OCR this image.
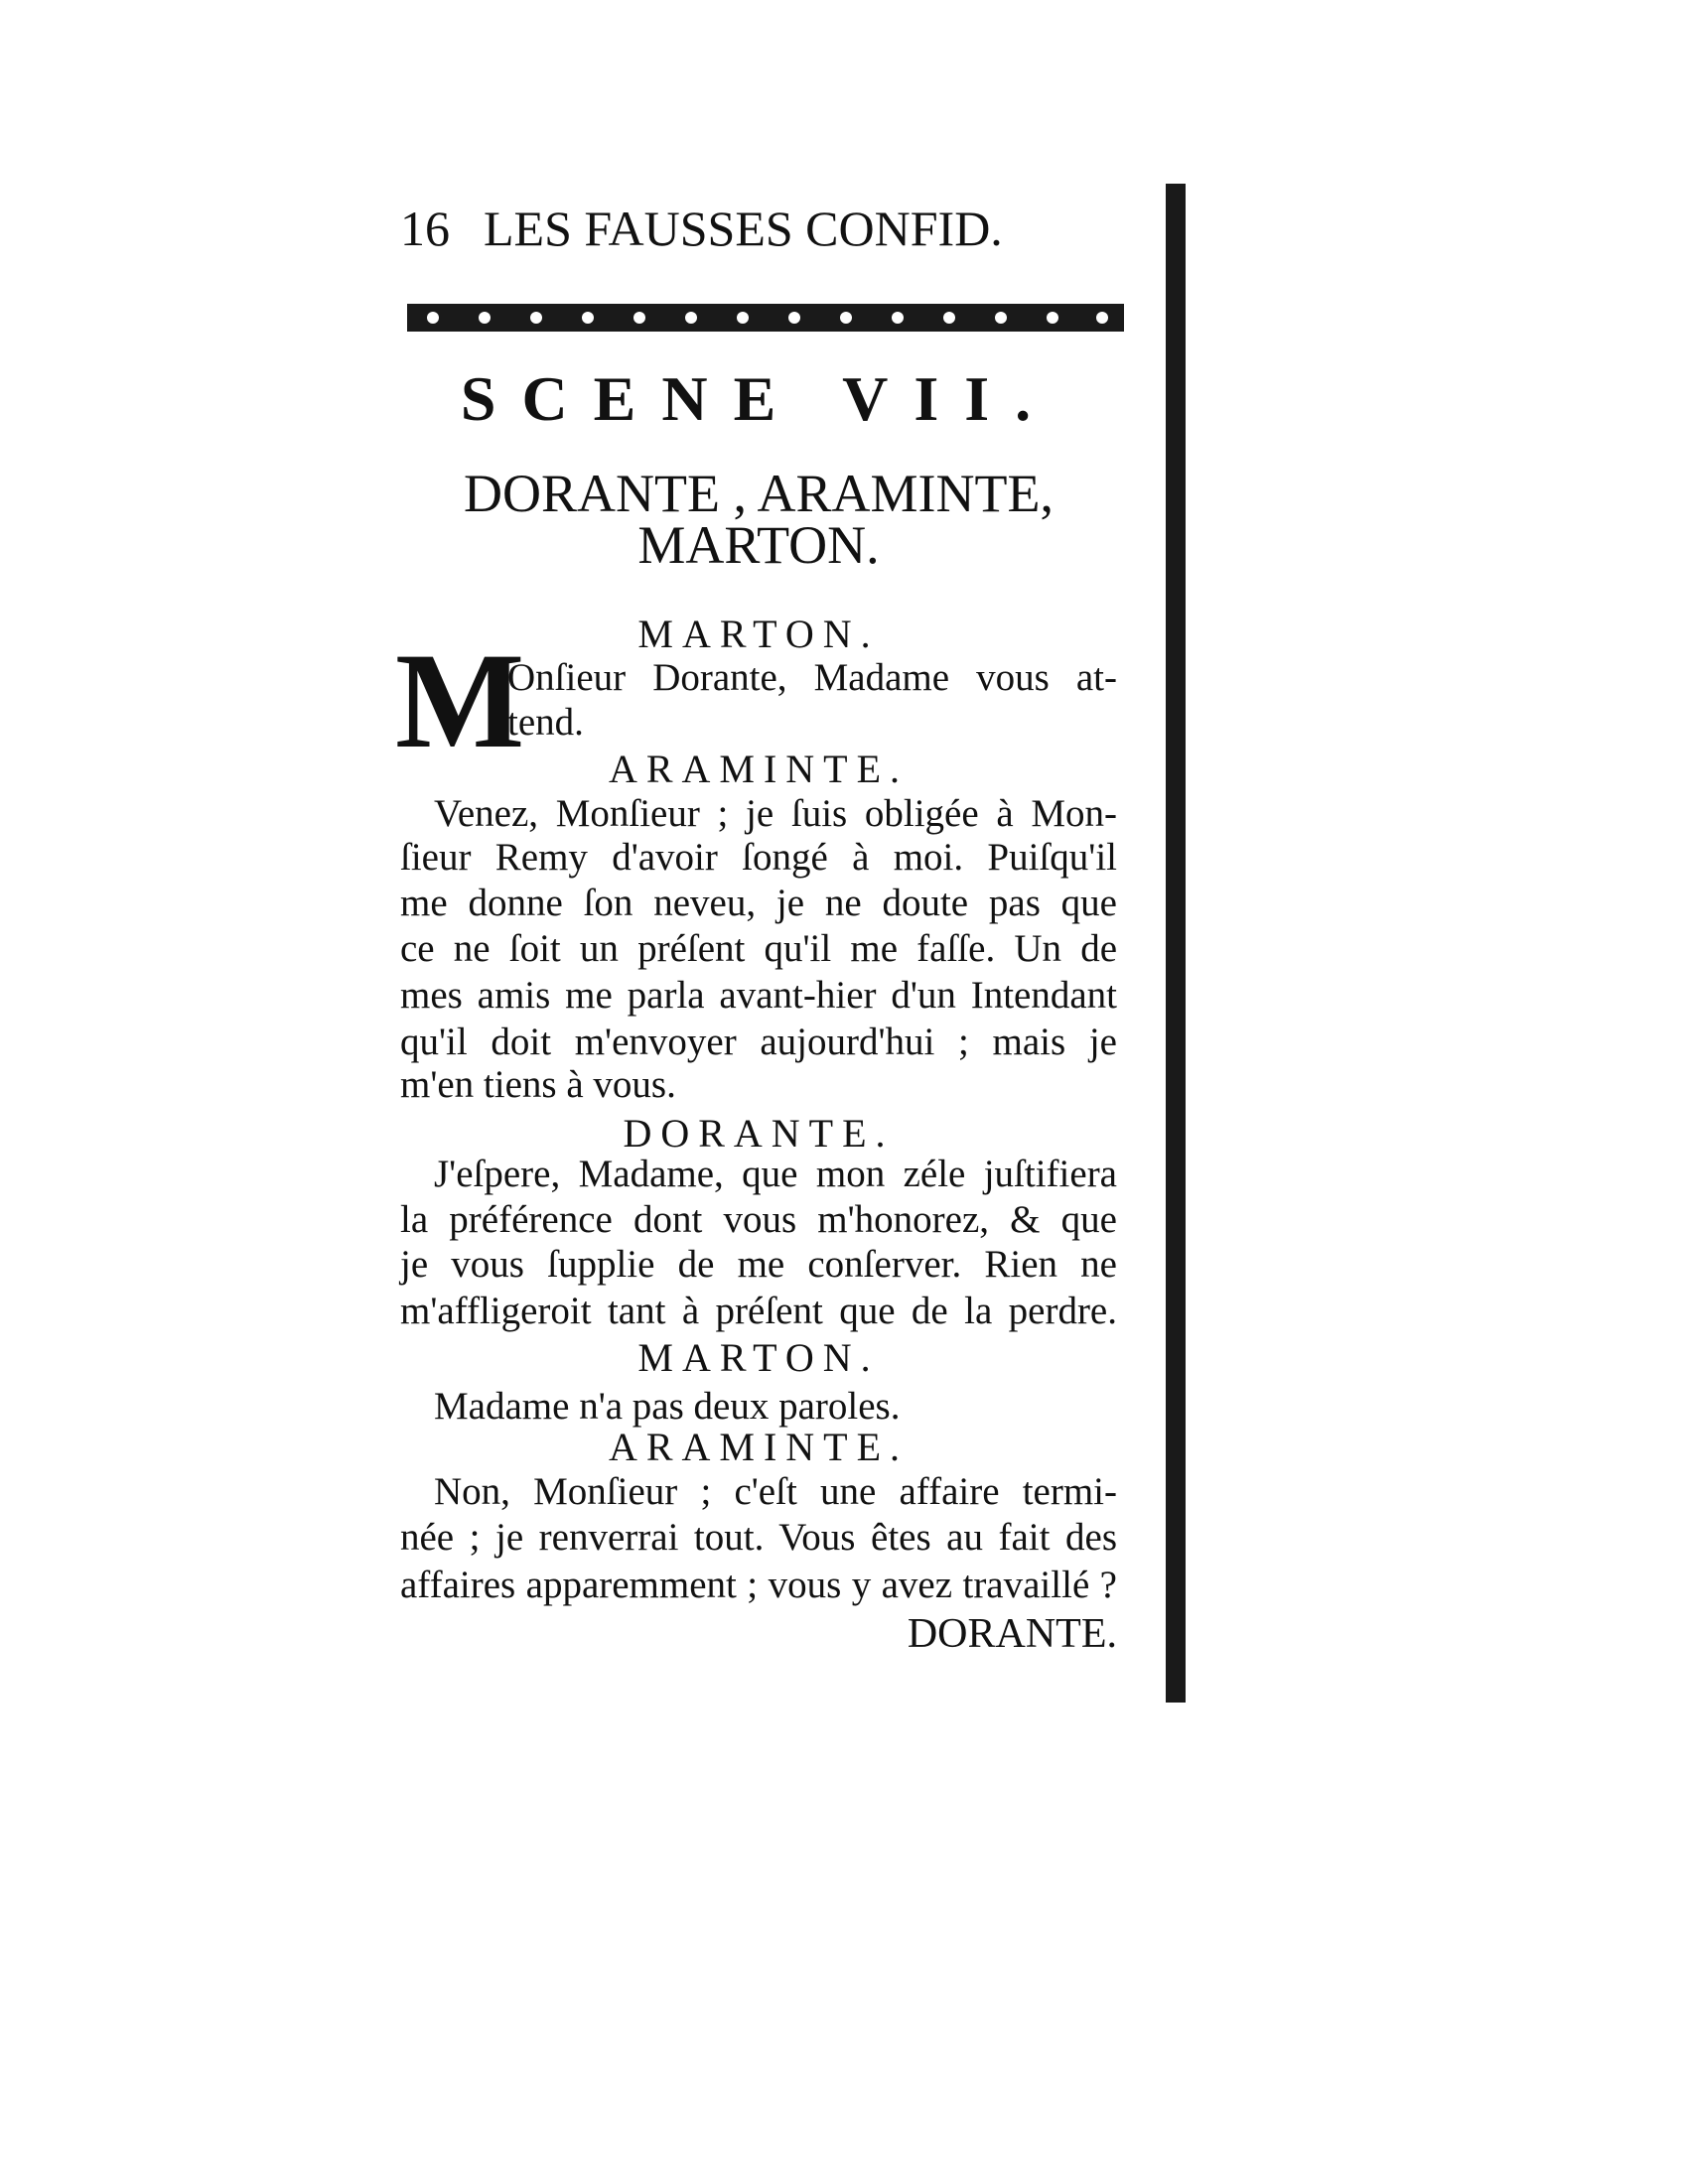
16 LES FAUSSES CONFID.
SCENE VII.
DORANTE , ARAMINTE,
MARTON.
MARTON.
M
Onſieur Dorante, Madame vous at-
tend.
ARAMINTE.
Venez, Monſieur ; je ſuis obligée à Mon-
ſieur Remy d'avoir ſongé à moi. Puiſqu'il
me donne ſon neveu, je ne doute pas que
ce ne ſoit un préſent qu'il me faſſe. Un de
mes amis me parla avant-hier d'un Intendant
qu'il doit m'envoyer aujourd'hui ; mais je
m'en tiens à vous.
DORANTE.
J'eſpere, Madame, que mon zéle juſtifiera
la préférence dont vous m'honorez, & que
je vous ſupplie de me conſerver. Rien ne
m'affligeroit tant à préſent que de la perdre.
MARTON.
Madame n'a pas deux paroles.
ARAMINTE.
Non, Monſieur ; c'eſt une affaire termi-
née ; je renverrai tout. Vous êtes au fait des
affaires apparemment ; vous y avez travaillé ?
DORANTE.
